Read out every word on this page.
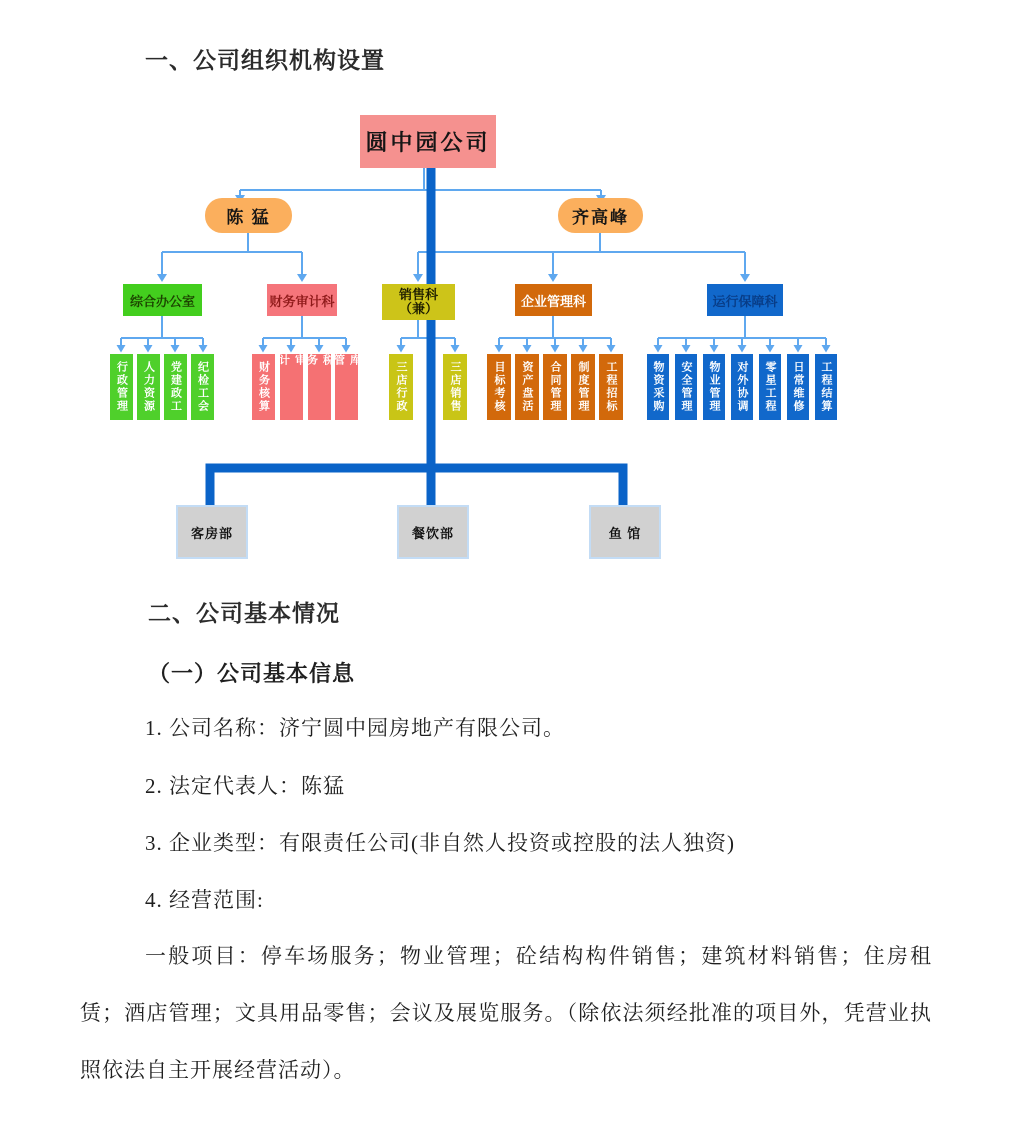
一、公司组织机构设置
圆中园公司
陈 猛	齐高峰
综合办公室	财务审计科	销售科
（兼）	企业管理科	运行保障科
行政管理	人力资源	党建政工	纪检工会	财务核算	审计	税务	库管	三店行政	三店销售	目标考核	资产盘活	合同管理	制度管理	工程招标	物资采购	安全管理	物业管理	对外协调	零星工程	日常维修	工程结算
客房部	餐饮部	鱼 馆
二、公司基本情况
（一）公司基本信息
1. 公司名称：济宁圆中园房地产有限公司。
2. 法定代表人：陈猛
3. 企业类型：有限责任公司(非自然人投资或控股的法人独资)
4. 经营范围:
一般项目：停车场服务；物业管理；砼结构构件销售；建筑材料销售；住房租赁；酒店管理；文具用品零售；会议及展览服务。（除依法须经批准的项目外，凭营业执照依法自主开展经营活动）。
